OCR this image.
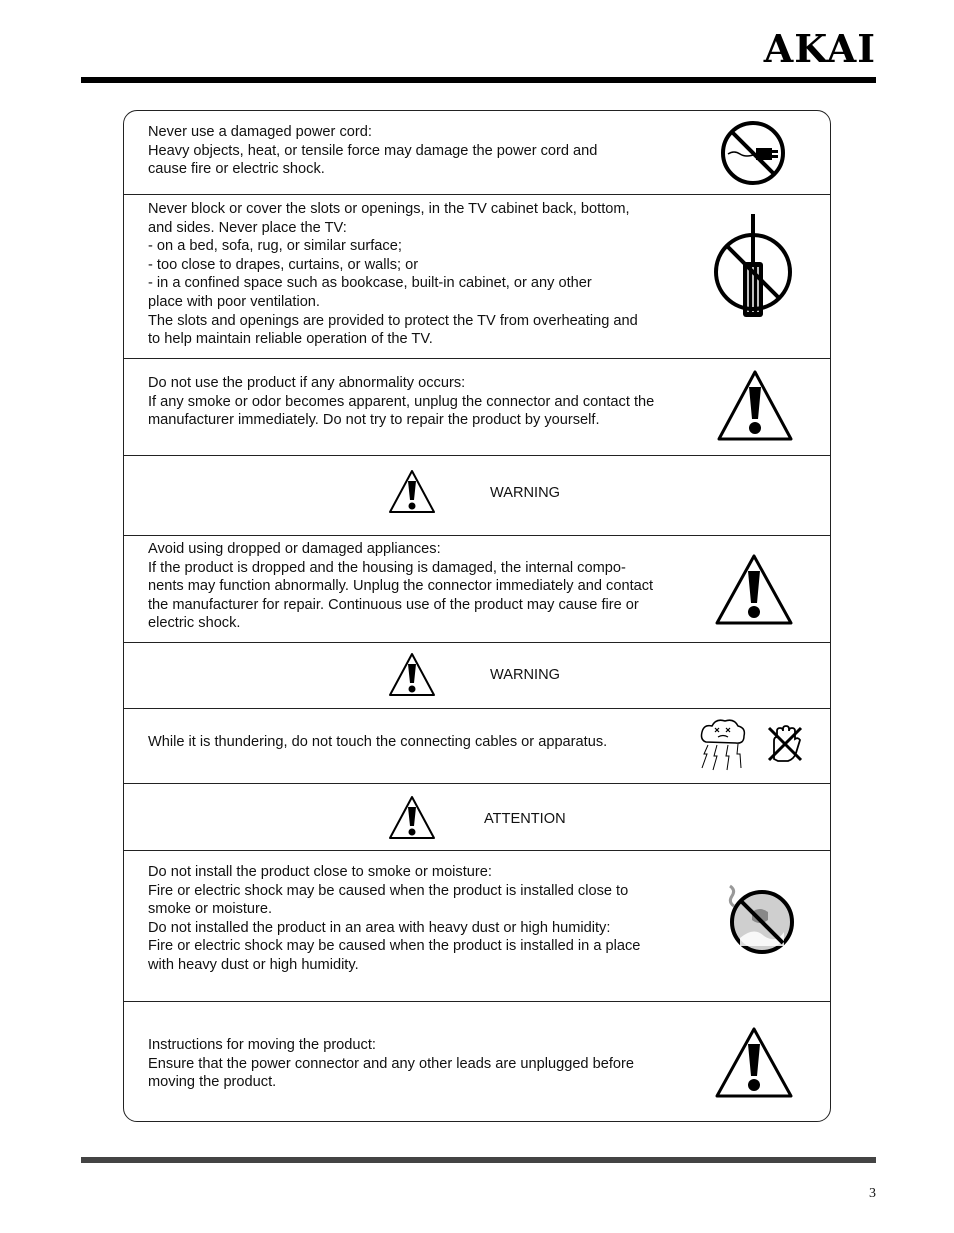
AKAI
Never use a damaged power cord:
Heavy objects, heat, or tensile force may damage the power cord and
cause fire or electric shock.
Never block or cover the slots or openings, in the TV cabinet back, bottom,
and sides. Never place the TV:
- on a bed, sofa, rug, or similar surface;
- too close to drapes, curtains, or walls; or
- in a confined space such as bookcase, built-in cabinet, or any other
place with poor ventilation.
The slots and openings are provided to protect the TV from overheating and
to help maintain reliable operation of the TV.
Do not use the product if any abnormality occurs:
If any smoke or odor becomes apparent, unplug the connector and contact the
manufacturer immediately. Do not try to repair the product by yourself.
WARNING
Avoid using dropped or damaged appliances:
If the product is dropped and the housing is damaged, the internal compo-
nents may function abnormally. Unplug the connector immediately and contact
the manufacturer for repair. Continuous use of the product may cause fire or
electric shock.
WARNING
While it is thundering, do not touch the connecting cables or apparatus.
ATTENTION
Do not install the product close to smoke or moisture:
Fire or electric shock may be caused when the product is installed close to
smoke or moisture.
Do not installed the product in an area with heavy dust or high humidity:
Fire or electric shock may be caused when the product is installed in a place
with heavy dust or high humidity.
Instructions for moving the product:
Ensure that the power connector and any other leads are unplugged before
moving the product.
3
